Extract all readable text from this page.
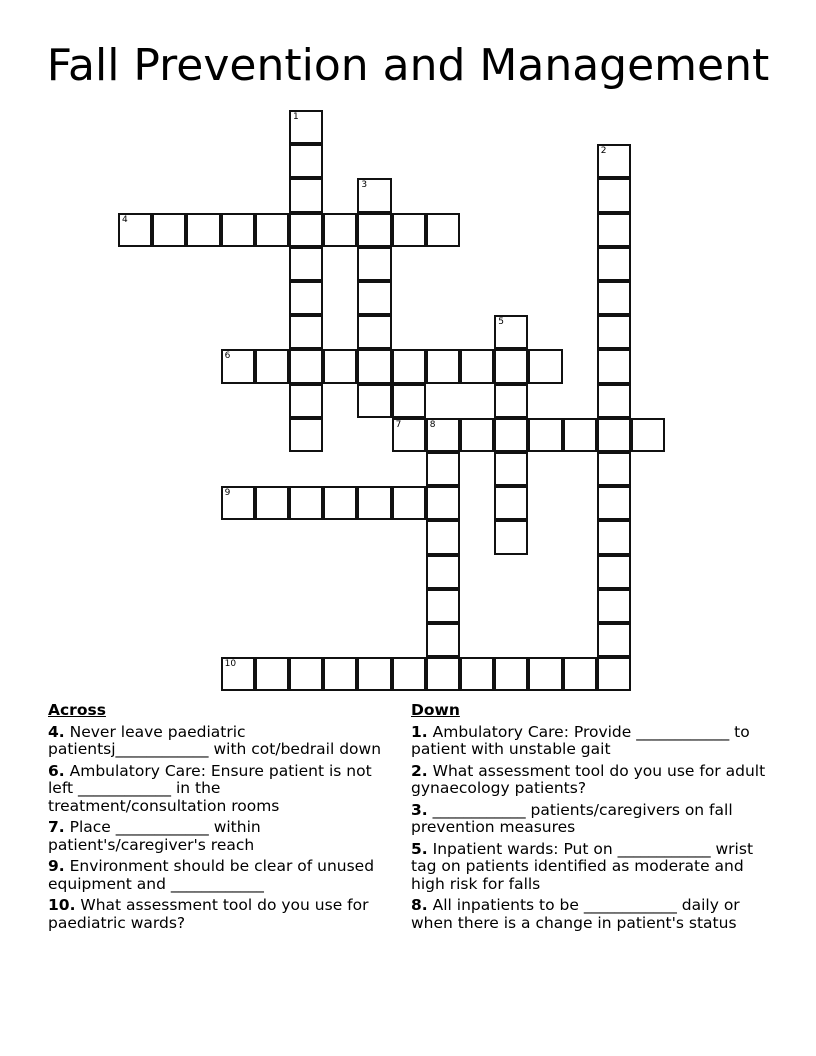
Fall Prevention and Management
1
2
3
4
5
6
7	8
9
10
Across
4. Never leave paediatric patientsj____________ with cot/bedrail down
6. Ambulatory Care: Ensure patient is not left ____________ in the treatment/consultation rooms
7. Place ____________ within patient's/caregiver's reach
9. Environment should be clear of unused equipment and ____________
10. What assessment tool do you use for paediatric wards?
Down
1. Ambulatory Care: Provide ____________ to patient with unstable gait
2. What assessment tool do you use for adult gynaecology patients?
3. ____________ patients/caregivers on fall prevention measures
5. Inpatient wards: Put on ____________ wrist tag on patients identified as moderate and high risk for falls
8. All inpatients to be ____________ daily or when there is a change in patient's status
